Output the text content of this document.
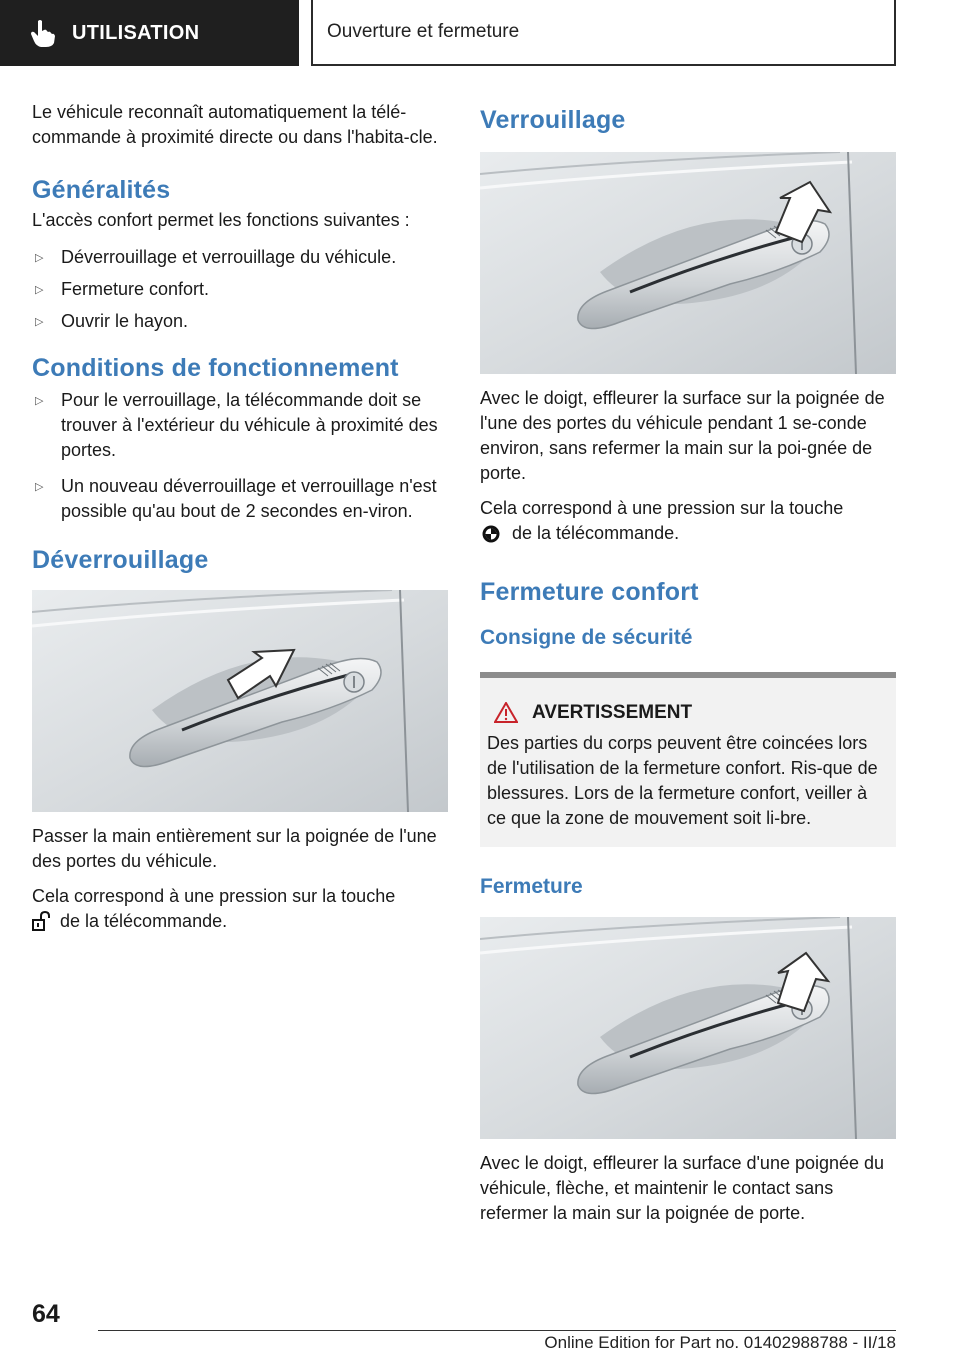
UTILISATION	Ouverture et fermeture

Le véhicule reconnaît automatiquement la télé-commande à proximité directe ou dans l'habita-cle.

Généralités

L'accès confort permet les fonctions suivantes :

▷ Déverrouillage et verrouillage du véhicule.
▷ Fermeture confort.
▷ Ouvrir le hayon.
Conditions de fonctionnement
▷ Pour le verrouillage, la télécommande doit se trouver à l'extérieur du véhicule à proximité des portes.
▷ Un nouveau déverrouillage et verrouillage n'est possible qu'au bout de 2 secondes en-viron.
Déverrouillage

Passer la main entièrement sur la poignée de l'une des portes du véhicule.

Cela correspond à une pression sur la touche
de la télécommande.

Verrouillage

Avec le doigt, effleurer la surface sur la poignée de l'une des portes du véhicule pendant 1 se-conde environ, sans refermer la main sur la poi-gnée de porte.

Cela correspond à une pression sur la touche
de la télécommande.

Fermeture confort
Consigne de sécurité
AVERTISSEMENT
Des parties du corps peuvent être coincées lors de l'utilisation de la fermeture confort. Ris-que de blessures. Lors de la fermeture confort, veiller à ce que la zone de mouvement soit li-bre.
Fermeture

Avec le doigt, effleurer la surface d'une poignée du véhicule, flèche, et maintenir le contact sans refermer la main sur la poignée de porte.

64
Online Edition for Part no. 01402988788 - II/18
